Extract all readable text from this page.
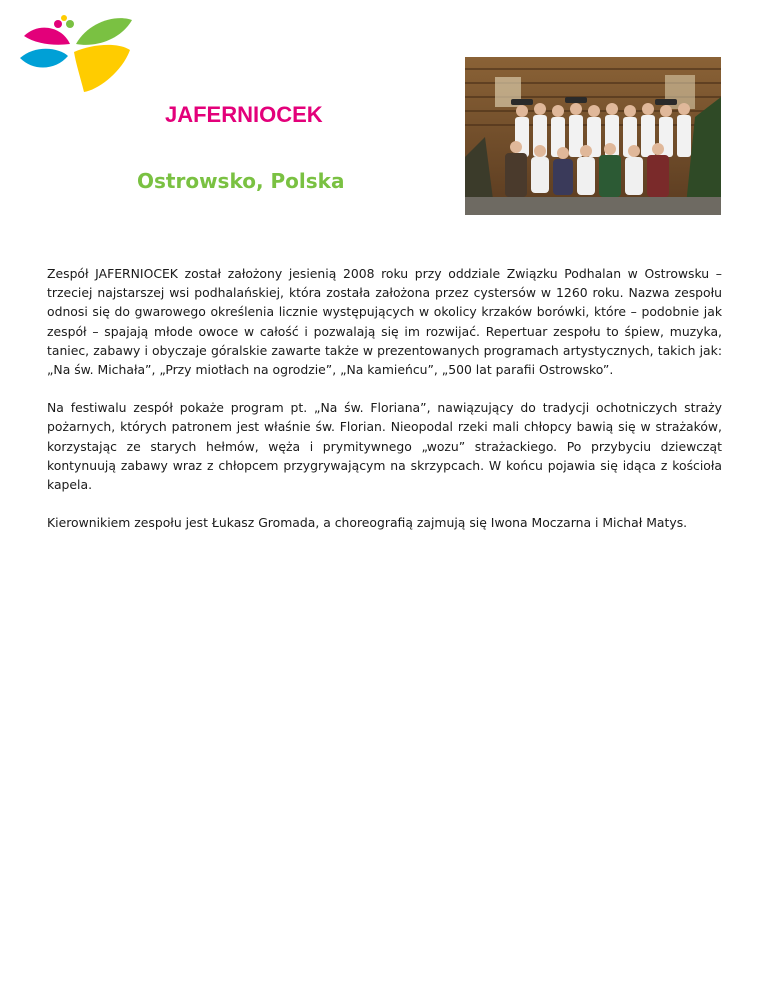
JAFERNIOCEK
Ostrowsko, Polska

Zespół JAFERNIOCEK został założony jesienią 2008 roku przy oddziale Związku Podhalan w Ostrowsku – trzeciej najstarszej wsi podhalańskiej, która została założona przez cystersów w 1260 roku. Nazwa zespołu odnosi się do gwarowego określenia licznie występujących w okolicy krzaków borówki, które – podobnie jak zespół – spajają młode owoce w całość i pozwalają się im rozwijać. Repertuar zespołu to śpiew, muzyka, taniec, zabawy i obyczaje góralskie zawarte także w prezentowanych programach artystycznych, takich jak: „Na św. Michała”, „Przy miotłach na ogrodzie”, „Na kamieńcu”, „500 lat parafii Ostrowsko”.

Na festiwalu zespół pokaże program pt. „Na św. Floriana”, nawiązujący do tradycji ochotniczych straży pożarnych, których patronem jest właśnie św. Florian. Nieopodal rzeki mali chłopcy bawią się w strażaków, korzystając ze starych hełmów, węża i prymitywnego „wozu” strażackiego. Po przybyciu dziewcząt kontynuują zabawy wraz z chłopcem przygrywającym na skrzypcach. W końcu pojawia się idąca z kościoła kapela.

Kierownikiem zespołu jest Łukasz Gromada, a choreografią zajmują się Iwona Moczarna i Michał Matys.
